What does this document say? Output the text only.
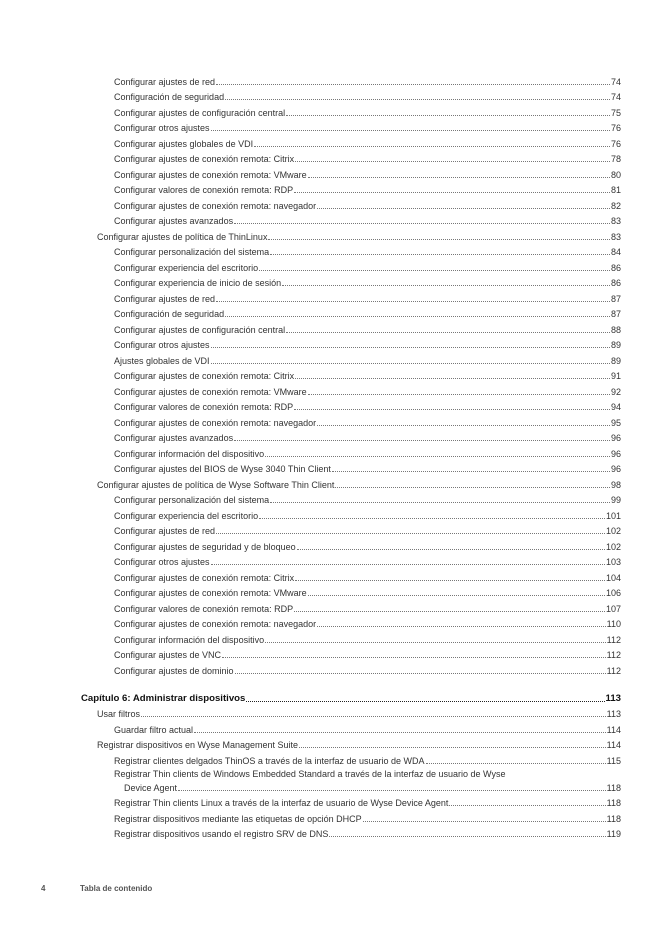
Configurar ajustes de red	74
Configuración de seguridad	74
Configurar ajustes de configuración central	75
Configurar otros ajustes	76
Configurar ajustes globales de VDI	76
Configurar ajustes de conexión remota: Citrix	78
Configurar ajustes de conexión remota: VMware	80
Configurar valores de conexión remota: RDP	81
Configurar ajustes de conexión remota: navegador	82
Configurar ajustes avanzados	83
Configurar ajustes de política de ThinLinux	83
Configurar personalización del sistema	84
Configurar experiencia del escritorio	86
Configurar experiencia de inicio de sesión	86
Configurar ajustes de red	87
Configuración de seguridad	87
Configurar ajustes de configuración central	88
Configurar otros ajustes	89
Ajustes globales de VDI	89
Configurar ajustes de conexión remota: Citrix	91
Configurar ajustes de conexión remota: VMware	92
Configurar valores de conexión remota: RDP	94
Configurar ajustes de conexión remota: navegador	95
Configurar ajustes avanzados	96
Configurar información del dispositivo	96
Configurar ajustes del BIOS de Wyse 3040 Thin Client	96
Configurar ajustes de política de Wyse Software Thin Client	98
Configurar personalización del sistema	99
Configurar experiencia del escritorio	101
Configurar ajustes de red	102
Configurar ajustes de seguridad y de bloqueo	102
Configurar otros ajustes	103
Configurar ajustes de conexión remota: Citrix	104
Configurar ajustes de conexión remota: VMware	106
Configurar valores de conexión remota: RDP	107
Configurar ajustes de conexión remota: navegador	110
Configurar información del dispositivo	112
Configurar ajustes de VNC	112
Configurar ajustes de dominio	112
Capítulo 6: Administrar dispositivos	113
Usar filtros	113
Guardar filtro actual	114
Registrar dispositivos en Wyse Management Suite	114
Registrar clientes delgados ThinOS a través de la interfaz de usuario de WDA	115
Registrar Thin clients de Windows Embedded Standard a través de la interfaz de usuario de Wyse
Device Agent	118
Registrar Thin clients Linux a través de la interfaz de usuario de Wyse Device Agent	118
Registrar dispositivos mediante las etiquetas de opción DHCP	118
Registrar dispositivos usando el registro SRV de DNS	119
4	Tabla de contenido
